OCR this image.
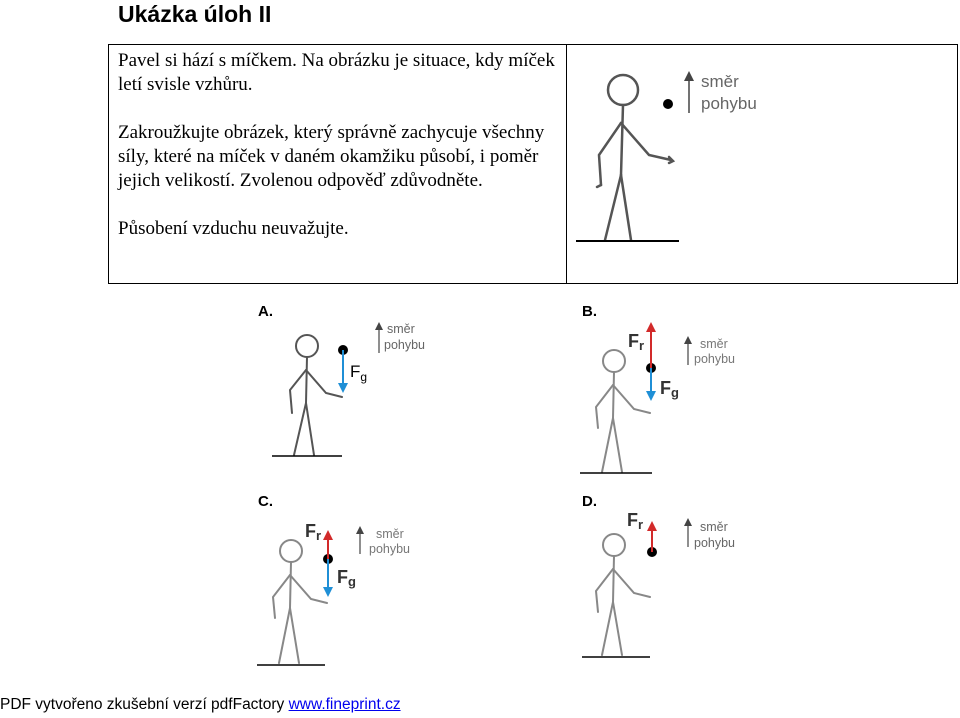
Ukázka úloh II

Pavel si hází s míčkem. Na obrázku je situace, kdy míček letí svisle vzhůru.

Zakroužkujte obrázek, který správně zachycuje všechny síly, které na míček v daném okamžiku působí, i poměr jejich velikostí. Zvolenou odpověď zdůvodněte.

Působení vzduchu neuvažujte.

směr
pohybu
A.
$F_g$
směr
pohybu
B.
Fr
Fg
směr
pohybu
C.
Fr
Fg
směr
pohybu
D.
Fr	směr
pohybu
PDF vytvořeno zkušební verzí pdfFactory www.fineprint.cz
